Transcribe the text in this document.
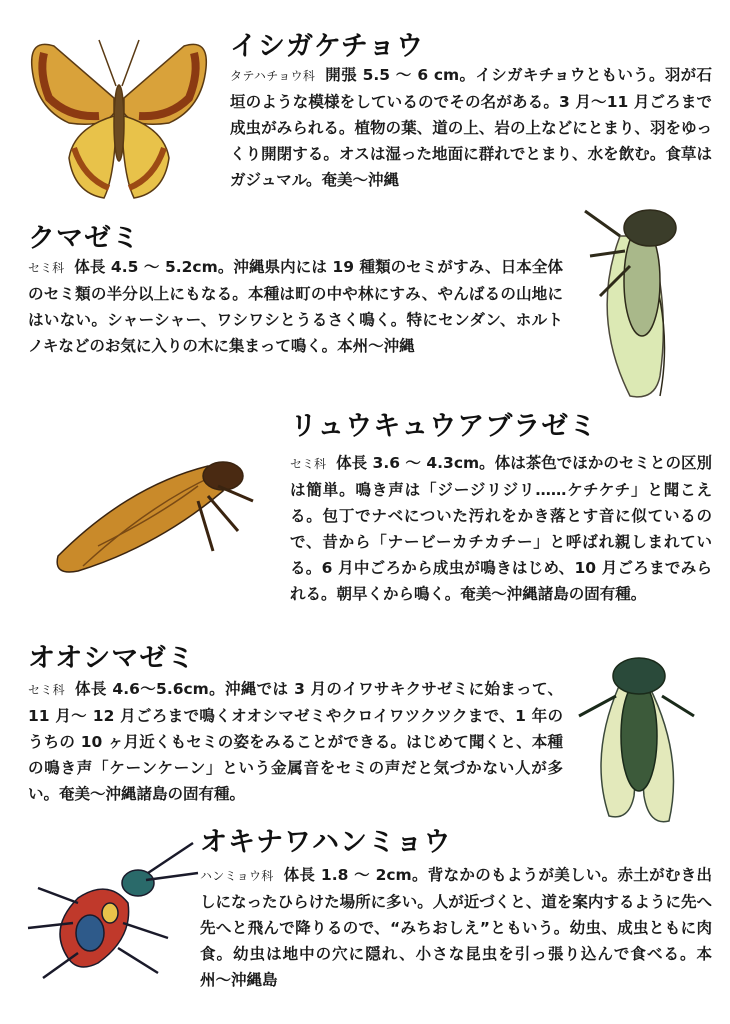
イシガケチョウ
タテハチョウ科 開張 5.5 〜 6 cm。イシガキチョウともいう。羽が石垣のような模様をしているのでその名がある。3 月〜11 月ごろまで成虫がみられる。植物の葉、道の上、岩の上などにとまり、羽をゆっくり開閉する。オスは湿った地面に群れでとまり、水を飲む。食草はガジュマル。奄美〜沖縄
クマゼミ
セミ科 体長 4.5 〜 5.2cm。沖縄県内には 19 種類のセミがすみ、日本全体のセミ類の半分以上にもなる。本種は町の中や林にすみ、やんばるの山地にはいない。シャーシャー、ワシワシとうるさく鳴く。特にセンダン、ホルトノキなどのお気に入りの木に集まって鳴く。本州〜沖縄
リュウキュウアブラゼミ
セミ科 体長 3.6 〜 4.3cm。体は茶色でほかのセミとの区別は簡単。鳴き声は「ジージリジリ……ケチケチ」と聞こえる。包丁でナベについた汚れをかき落とす音に似ているので、昔から「ナービーカチカチー」と呼ばれ親しまれている。6 月中ごろから成虫が鳴きはじめ、10 月ごろまでみられる。朝早くから鳴く。奄美〜沖縄諸島の固有種。
オオシマゼミ
セミ科 体長 4.6〜5.6cm。沖縄では 3 月のイワサキクサゼミに始まって、11 月〜 12 月ごろまで鳴くオオシマゼミやクロイワツクツクまで、1 年のうちの 10 ヶ月近くもセミの姿をみることができる。はじめて聞くと、本種の鳴き声「ケーンケーン」という金属音をセミの声だと気づかない人が多い。奄美〜沖縄諸島の固有種。
オキナワハンミョウ
ハンミョウ科 体長 1.8 〜 2cm。背なかのもようが美しい。赤土がむき出しになったひらけた場所に多い。人が近づくと、道を案内するように先へ先へと飛んで降りるので、“みちおしえ”ともいう。幼虫、成虫ともに肉食。幼虫は地中の穴に隠れ、小さな昆虫を引っ張り込んで食べる。本州〜沖縄島
